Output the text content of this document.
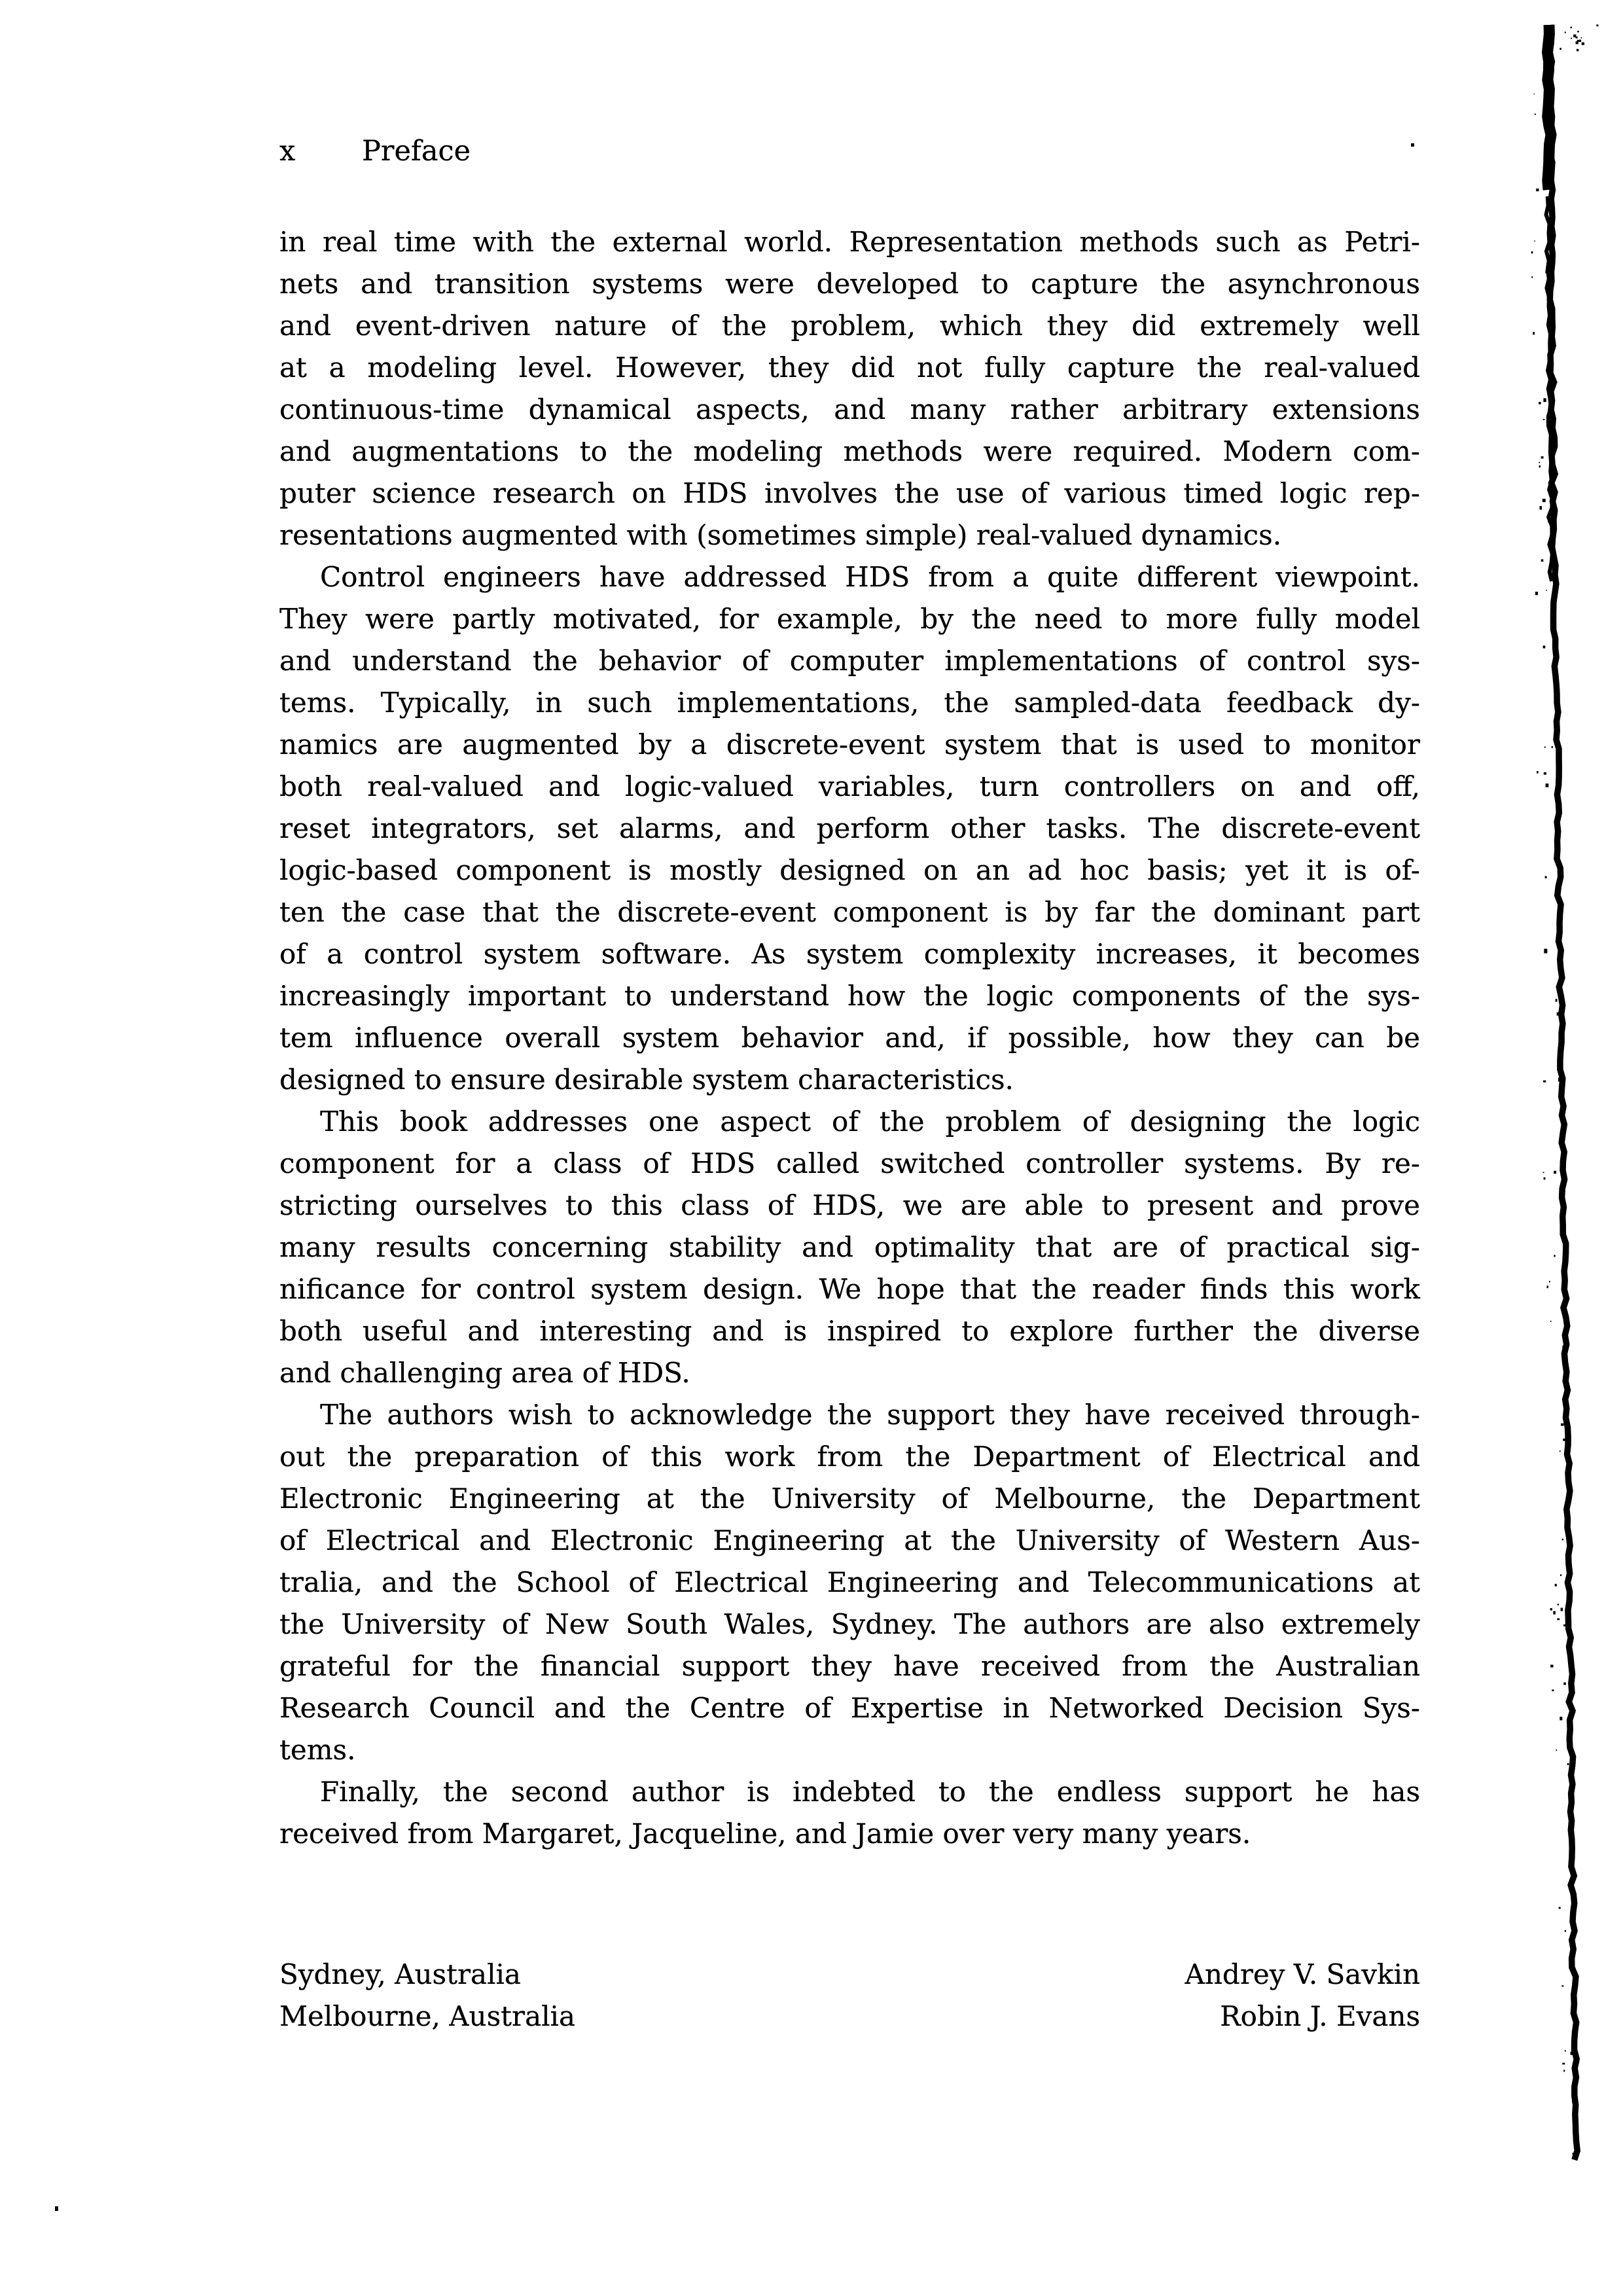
x Preface
in real time with the external world. Representation methods such as Petri-
nets and transition systems were developed to capture the asynchronous
and event-driven nature of the problem, which they did extremely well
at a modeling level. However, they did not fully capture the real-valued
continuous-time dynamical aspects, and many rather arbitrary extensions
and augmentations to the modeling methods were required. Modern com-
puter science research on HDS involves the use of various timed logic rep-
resentations augmented with (sometimes simple) real-valued dynamics.
Control engineers have addressed HDS from a quite different viewpoint.
They were partly motivated, for example, by the need to more fully model
and understand the behavior of computer implementations of control sys-
tems. Typically, in such implementations, the sampled-data feedback dy-
namics are augmented by a discrete-event system that is used to monitor
both real-valued and logic-valued variables, turn controllers on and off,
reset integrators, set alarms, and perform other tasks. The discrete-event
logic-based component is mostly designed on an ad hoc basis; yet it is of-
ten the case that the discrete-event component is by far the dominant part
of a control system software. As system complexity increases, it becomes
increasingly important to understand how the logic components of the sys-
tem influence overall system behavior and, if possible, how they can be
designed to ensure desirable system characteristics.
This book addresses one aspect of the problem of designing the logic
component for a class of HDS called switched controller systems. By re-
stricting ourselves to this class of HDS, we are able to present and prove
many results concerning stability and optimality that are of practical sig-
nificance for control system design. We hope that the reader finds this work
both useful and interesting and is inspired to explore further the diverse
and challenging area of HDS.
The authors wish to acknowledge the support they have received through-
out the preparation of this work from the Department of Electrical and
Electronic Engineering at the University of Melbourne, the Department
of Electrical and Electronic Engineering at the University of Western Aus-
tralia, and the School of Electrical Engineering and Telecommunications at
the University of New South Wales, Sydney. The authors are also extremely
grateful for the financial support they have received from the Australian
Research Council and the Centre of Expertise in Networked Decision Sys-
tems.
Finally, the second author is indebted to the endless support he has
received from Margaret, Jacqueline, and Jamie over very many years.
Sydney, Australia	Andrey V. Savkin
Melbourne, Australia	Robin J. Evans
